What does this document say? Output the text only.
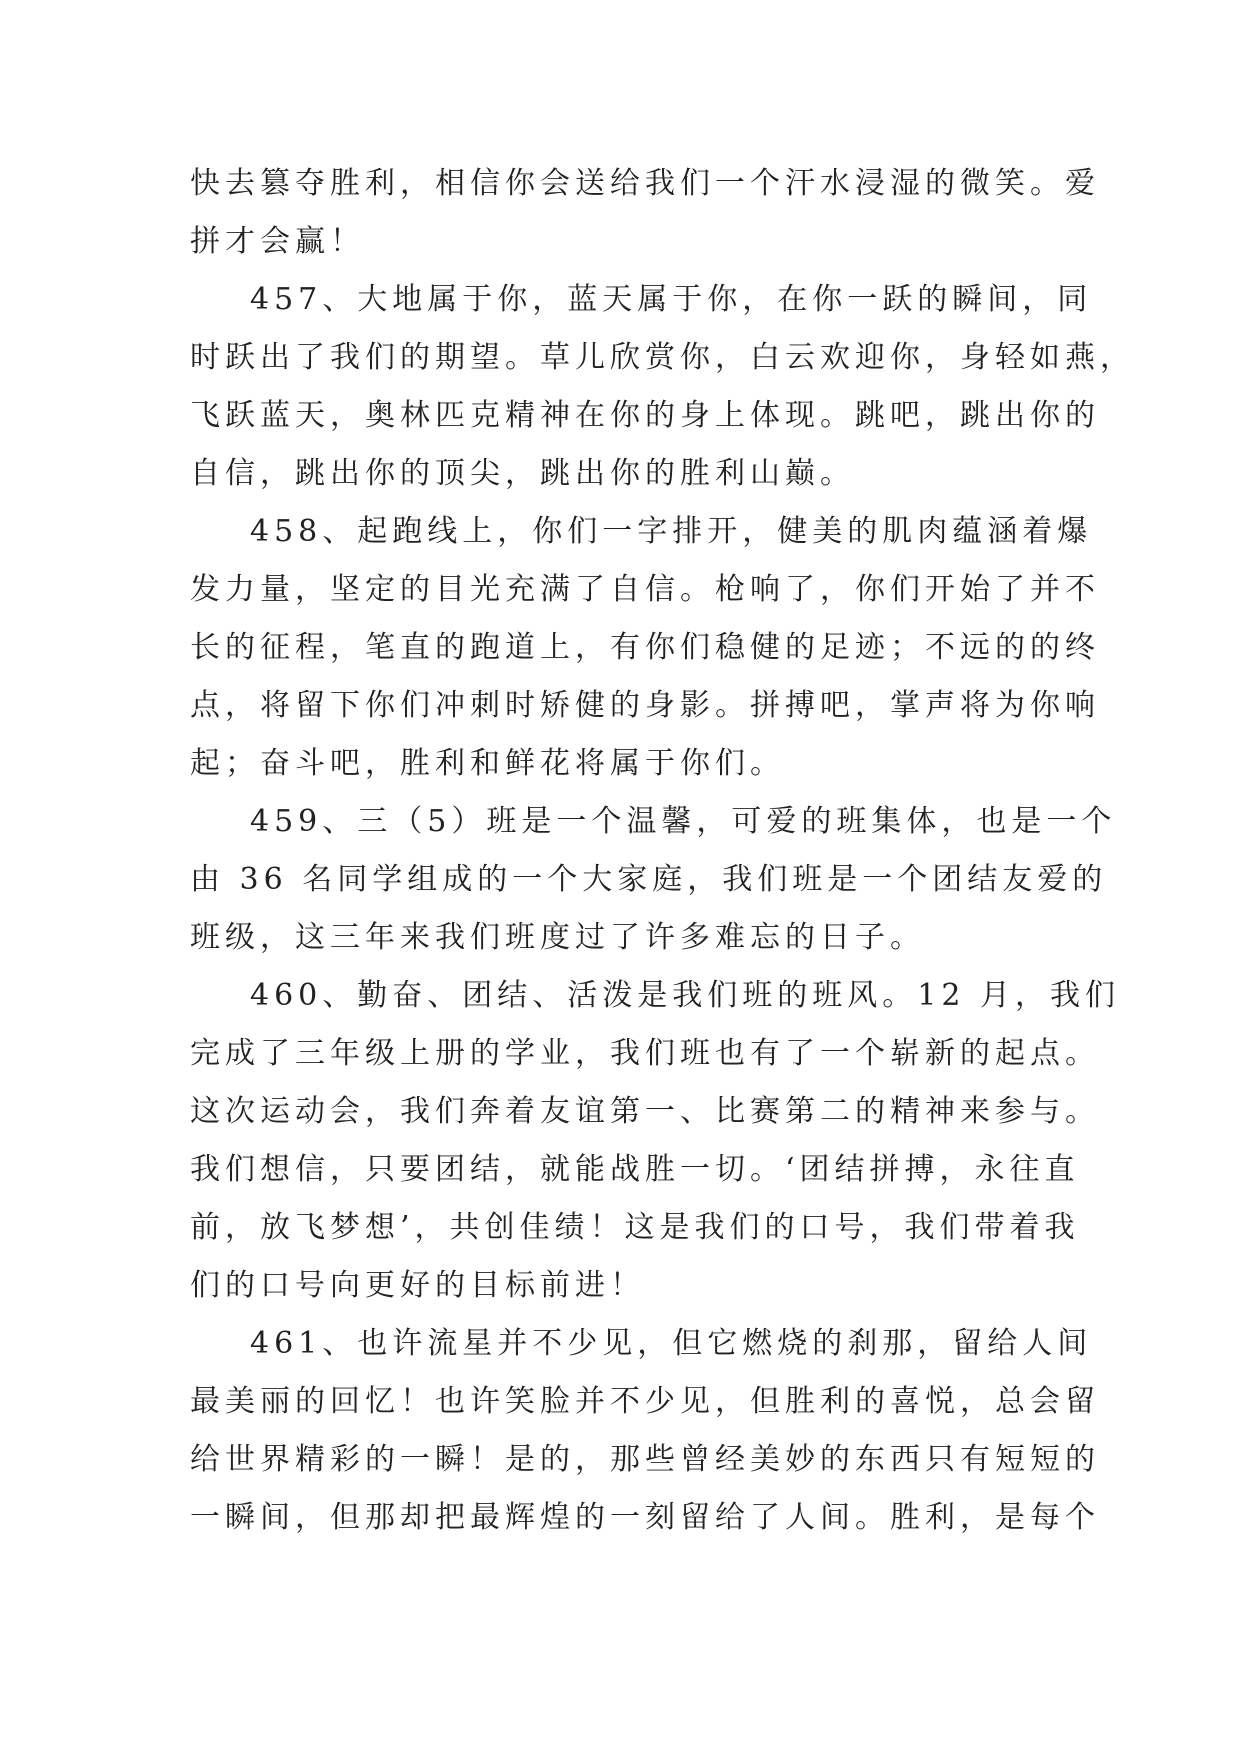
快去篡夺胜利，相信你会送给我们一个汗水浸湿的微笑。爱
拼才会赢！
457、大地属于你，蓝天属于你，在你一跃的瞬间，同
时跃出了我们的期望。草儿欣赏你，白云欢迎你，身轻如燕，
飞跃蓝天，奥林匹克精神在你的身上体现。跳吧，跳出你的
自信，跳出你的顶尖，跳出你的胜利山巅。
458、起跑线上，你们一字排开，健美的肌肉蕴涵着爆
发力量，坚定的目光充满了自信。枪响了，你们开始了并不
长的征程，笔直的跑道上，有你们稳健的足迹；不远的的终
点，将留下你们冲刺时矫健的身影。拼搏吧，掌声将为你响
起；奋斗吧，胜利和鲜花将属于你们。
459、三（5）班是一个温馨，可爱的班集体，也是一个
由 36 名同学组成的一个大家庭，我们班是一个团结友爱的
班级，这三年来我们班度过了许多难忘的日子。
460、勤奋、团结、活泼是我们班的班风。12 月，我们
完成了三年级上册的学业，我们班也有了一个崭新的起点。
这次运动会，我们奔着友谊第一、比赛第二的精神来参与。
我们想信，只要团结，就能战胜一切。‘团结拼搏，永往直
前，放飞梦想’，共创佳绩！这是我们的口号，我们带着我
们的口号向更好的目标前进！
461、也许流星并不少见，但它燃烧的刹那，留给人间
最美丽的回忆！也许笑脸并不少见，但胜利的喜悦，总会留
给世界精彩的一瞬！是的，那些曾经美妙的东西只有短短的
一瞬间，但那却把最辉煌的一刻留给了人间。胜利，是每个
